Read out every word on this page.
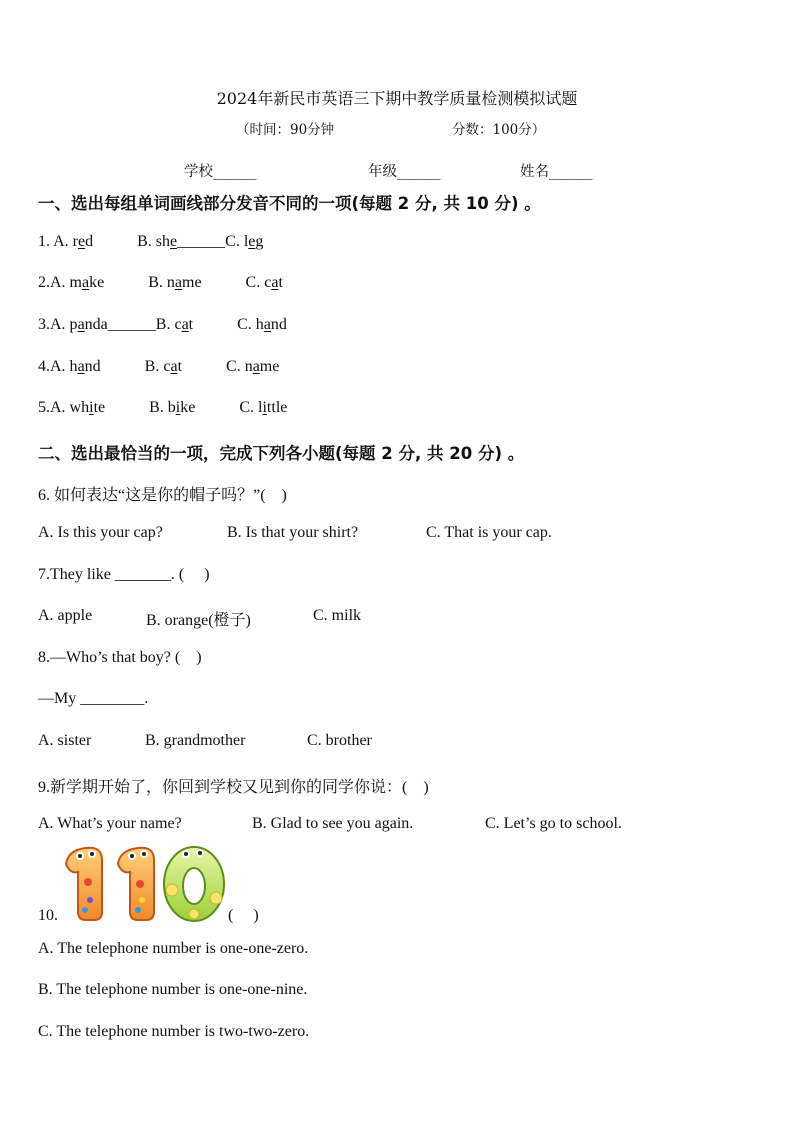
2024年新民市英语三下期中教学质量检测模拟试题
（时间：90分钟	分数：100分）
学校______	年级______	姓名______
一、选出每组单词画线部分发音不同的一项(每题 2 分, 共 10 分) 。
1. A. red	B. she______C. leg
2.A. make	B. name	C. cat
3.A. panda______B. cat	C. hand
4.A. hand	B. cat	C. name
5.A. white	B. bike	C. little
二、选出最恰当的一项，完成下列各小题(每题 2 分, 共 20 分) 。
6. 如何表达“这是你的帽子吗？”(    )
A. Is this your cap?	B. Is that your shirt?	C. That is your cap.
7.They like _______. (     )
A. apple	B. orange(橙子)	C. milk
8.—Who’s that boy? (    )
—My ________.
A. sister	B. grandmother	C. brother
9.新学期开始了，你回到学校又见到你的同学你说：(    )
A. What’s your name?	B. Glad to see you again.	C. Let’s go to school.
10.	(     )
A. The telephone number is one-one-zero.
B. The telephone number is one-one-nine.
C. The telephone number is two-two-zero.
